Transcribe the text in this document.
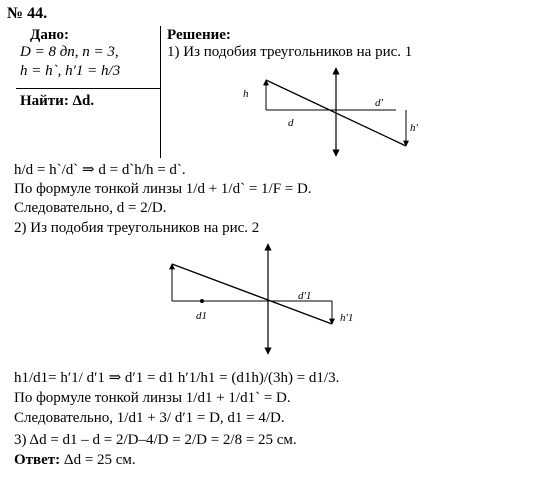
№ 44.
Дано:
D = 8 дп, n = 3,
h = h`, h′1 = h/3
Найти: Δd.
Решение:
1) Из подобия треугольников на рис. 1
h
d
d′
h′
h/d = h`/d` ⇒ d = d`h/h = d`.
По формуле тонкой линзы 1/d + 1/d` = 1/F = D.
Следовательно, d = 2/D.
2) Из подобия треугольников на рис. 2
d1
d′1
h′1
h1/d1= h′1/ d′1 ⇒ d′1 = d1 h′1/h1 = (d1h)/(3h) = d1/3.
По формуле тонкой линзы 1/d1 + 1/d1` = D.
Следовательно, 1/d1 + 3/ d′1 = D, d1 = 4/D.
3) Δd = d1 – d = 2/D–4/D = 2/D = 2/8 = 25 см.
Ответ: Δd = 25 см.
